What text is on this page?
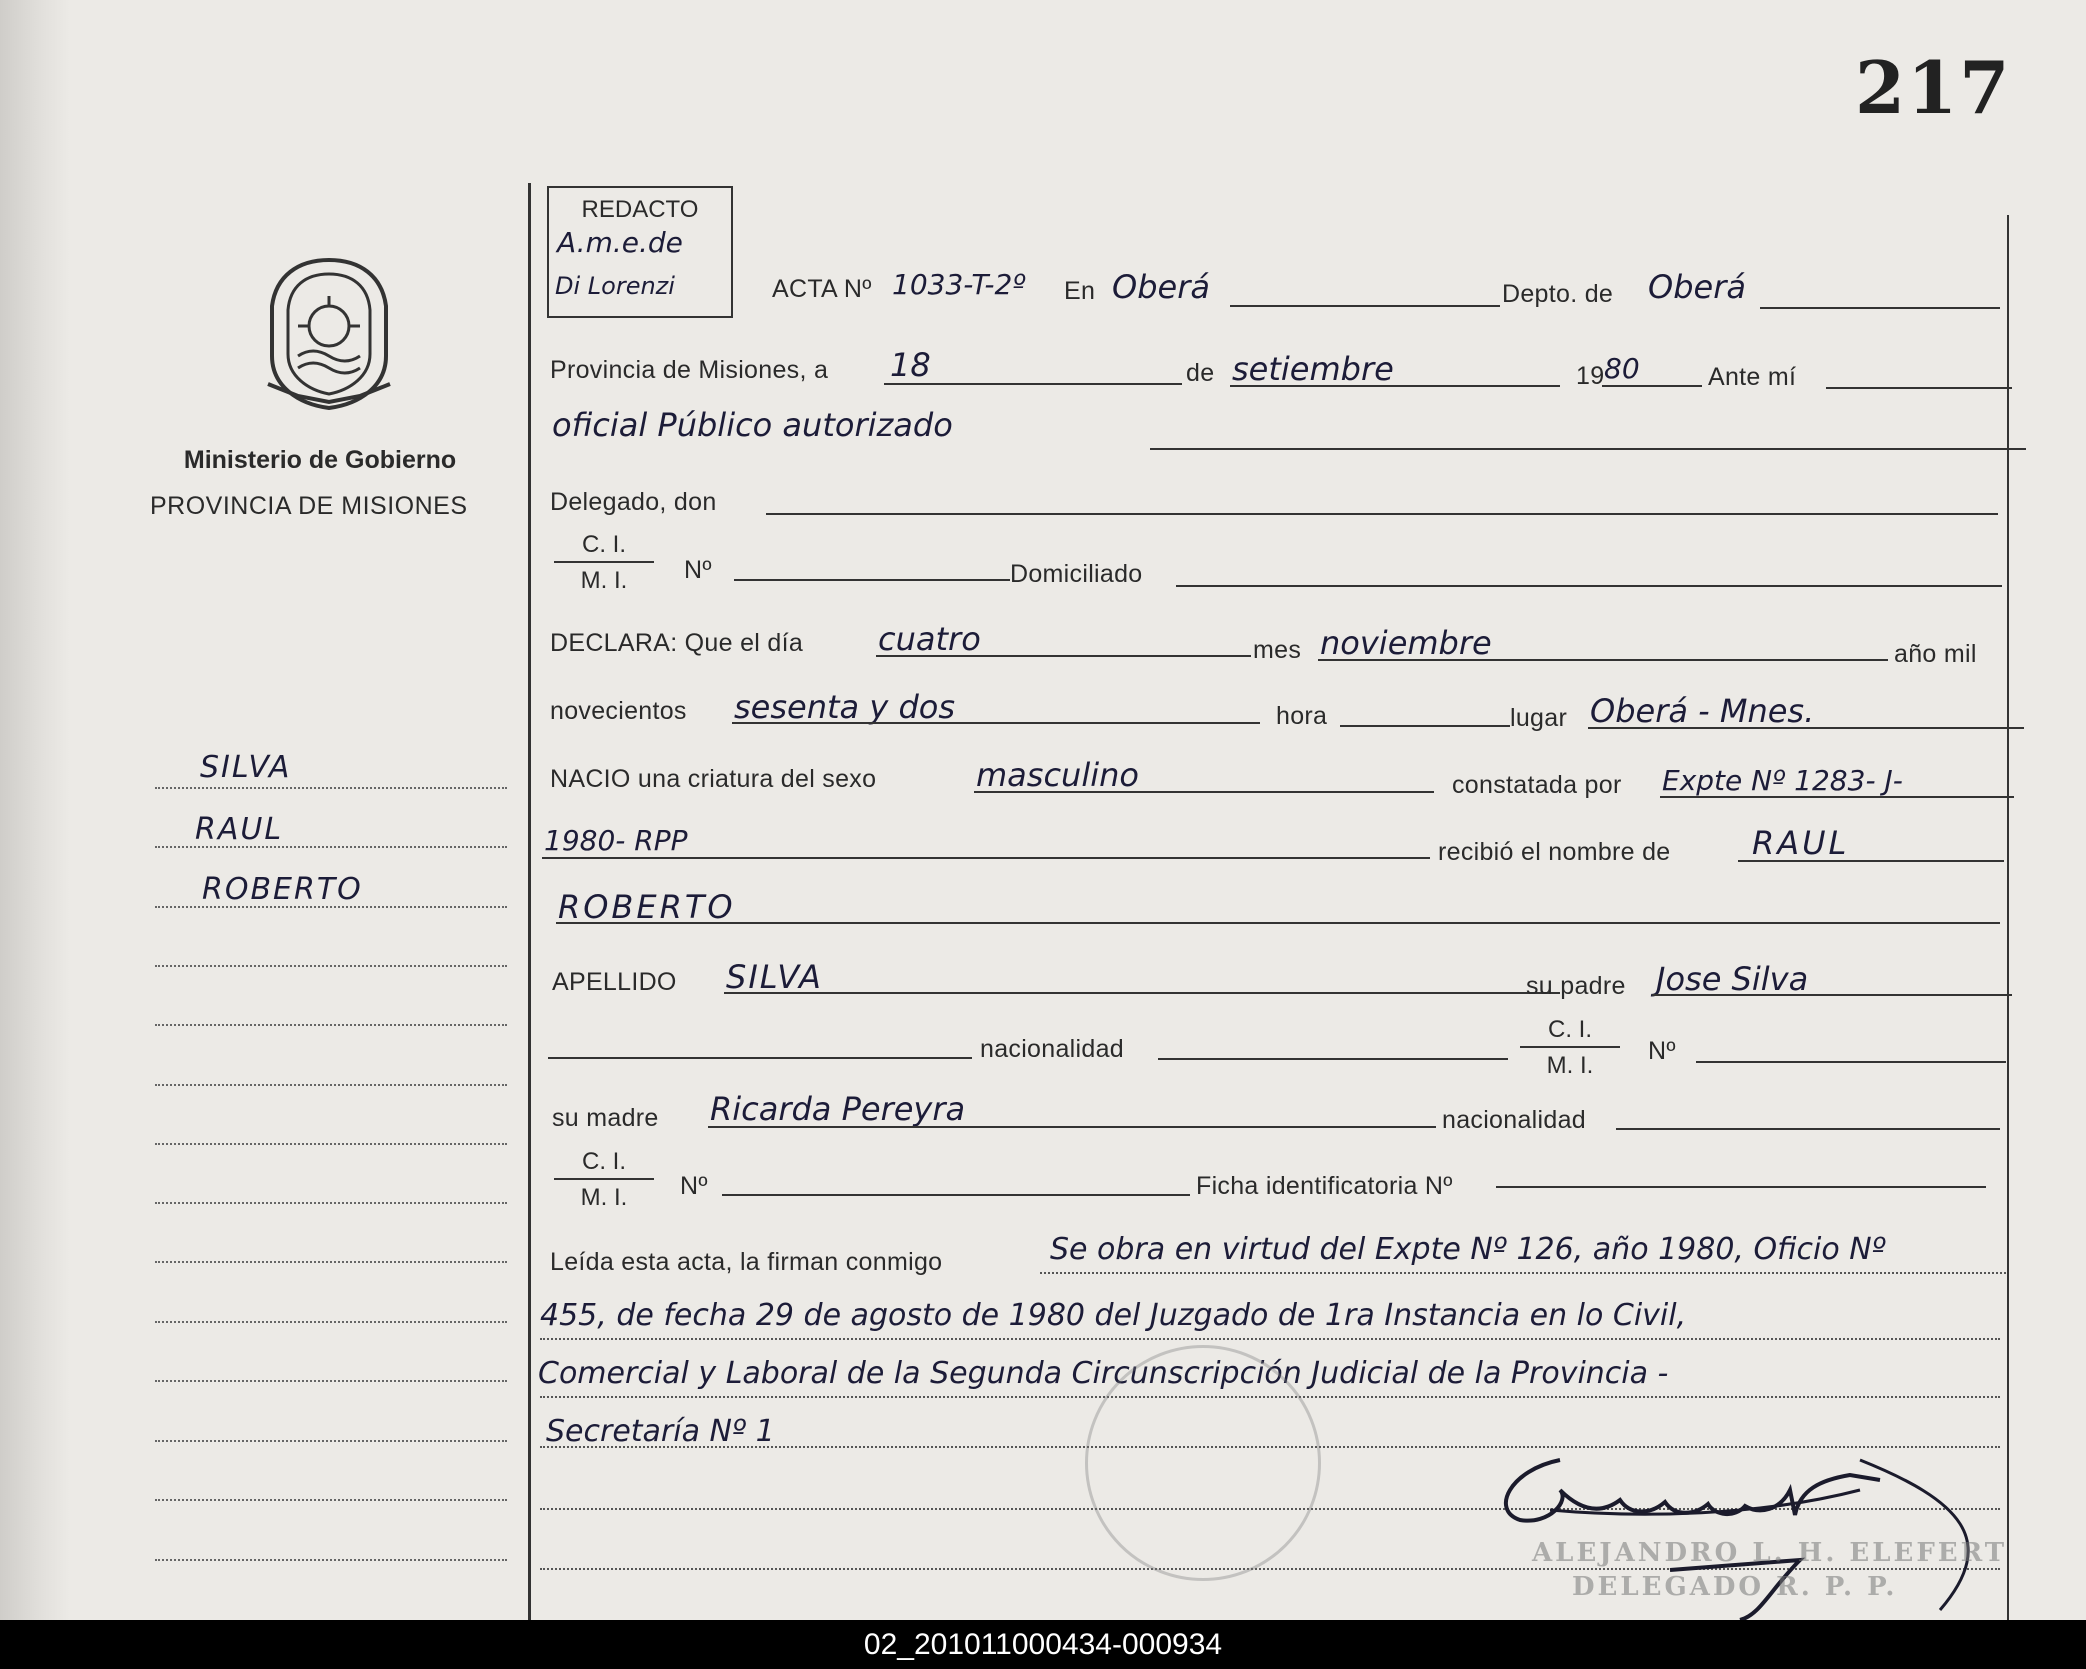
217
Ministerio de Gobierno
PROVINCIA DE MISIONES
SILVA
RAUL
ROBERTO
REDACTO
A.m.e.de
Di Lorenzi	ACTA Nº 1033-T-2º En Oberá	Depto. de Oberá
Provincia de Misiones, a 18	de setiembre	19 80	Ante mí
oficial Público autorizado
Delegado, don
$\frac{C. I.}{M. I.}$ Nº	Domiciliado
DECLARA: Que el día cuatro	mes noviembre	año mil
novecientos sesenta y dos	hora	lugar Oberá - Mnes.
NACIO una criatura del sexo	masculino	constatada por Expte Nº 1283- J-
1980- RPP	recibió el nombre de	RAUL
ROBERTO
APELLIDO SILVA	su padre Jose Silva
nacionalidad	$\frac{C. I.}{M. I.}$ Nº
su madre Ricarda Pereyra	nacionalidad
$\frac{C. I.}{M. I.}$ Nº	Ficha identificatoria Nº
Leída esta acta, la firman conmigo	Se obra en virtud del Expte Nº 126, año 1980, Oficio Nº
455, de fecha 29 de agosto de 1980 del Juzgado de 1ra Instancia en lo Civil,
Comercial y Laboral de la Segunda Circunscripción Judicial de la Provincia -
Secretaría Nº 1
ALEJANDRO L. H. ELEFERT
DELEGADO R. P. P.
02_201011000434-000934
